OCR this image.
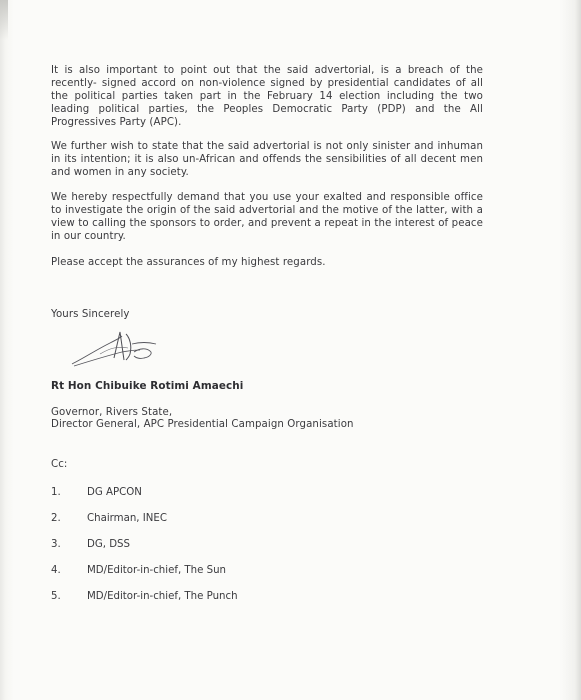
It is also important to point out that the said advertorial, is a breach of the recently- signed accord on non-violence signed by presidential candidates of all the political parties taken part in the February 14 election including the two leading political parties, the Peoples Democratic Party (PDP) and the All Progressives Party (APC).

We further wish to state that the said advertorial is not only sinister and inhuman in its intention; it is also un-African and offends the sensibilities of all decent men and women in any society.

We hereby respectfully demand that you use your exalted and responsible office to investigate the origin of the said advertorial and the motive of the latter, with a view to calling the sponsors to order, and prevent a repeat in the interest of peace in our country.

Please accept the assurances of my highest regards.

Yours Sincerely
Rt Hon Chibuike Rotimi Amaechi
Governor, Rivers State,
Director General, APC Presidential Campaign Organisation
Cc:
1.	DG APCON
2.	Chairman, INEC
3.	DG, DSS
4.	MD/Editor-in-chief, The Sun
5.	MD/Editor-in-chief, The Punch
